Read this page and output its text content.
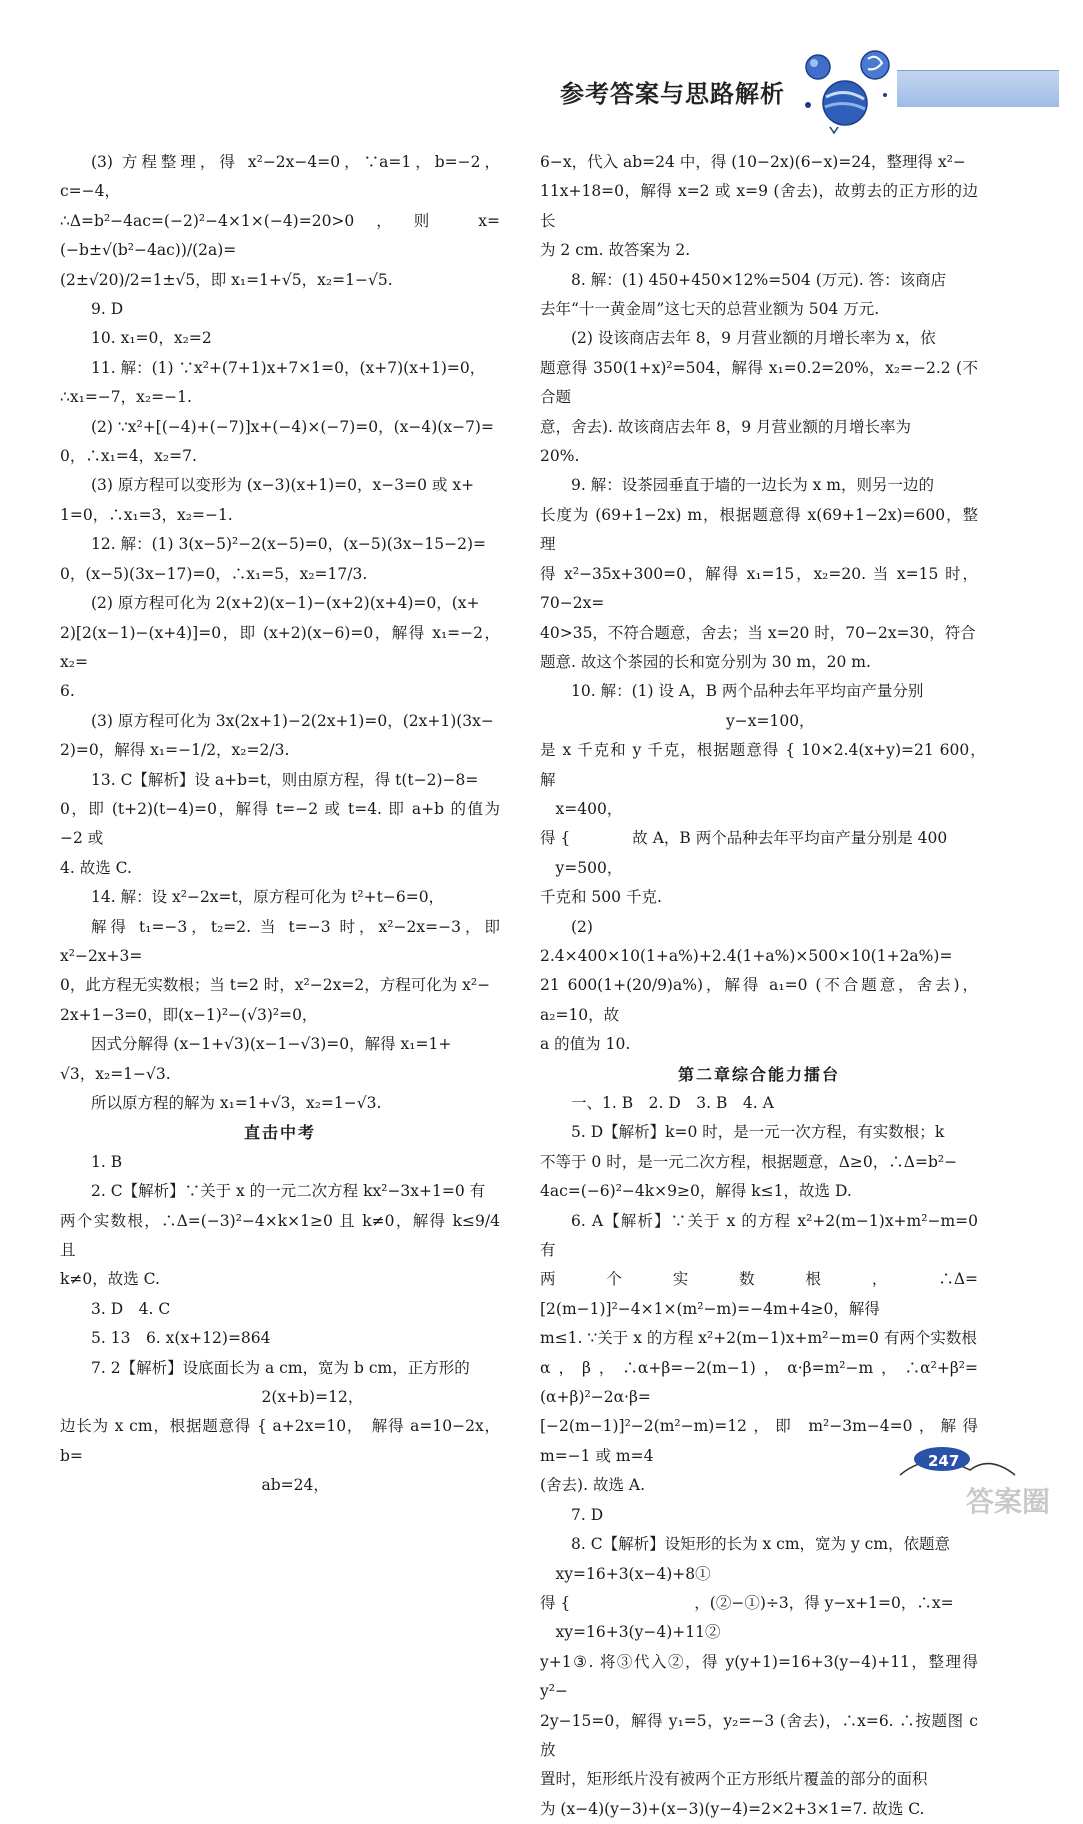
参考答案与思路解析

(3) 方程整理，得 x²−2x−4=0，∵a=1，b=−2，c=−4，

∴Δ=b²−4ac=(−2)²−4×1×(−4)=20>0，则 x=(−b±√(b²−4ac))/(2a)=

(2±√20)/2=1±√5，即 x₁=1+√5，x₂=1−√5.

9. D

10. x₁=0，x₂=2

11. 解：(1) ∵x²+(7+1)x+7×1=0，(x+7)(x+1)=0，

∴x₁=−7，x₂=−1.

(2) ∵x²+[(−4)+(−7)]x+(−4)×(−7)=0，(x−4)(x−7)=

0，∴x₁=4，x₂=7.

(3) 原方程可以变形为 (x−3)(x+1)=0，x−3=0 或 x+

1=0，∴x₁=3，x₂=−1.

12. 解：(1) 3(x−5)²−2(x−5)=0，(x−5)(3x−15−2)=

0，(x−5)(3x−17)=0，∴x₁=5，x₂=17/3.

(2) 原方程可化为 2(x+2)(x−1)−(x+2)(x+4)=0，(x+

2)[2(x−1)−(x+4)]=0，即 (x+2)(x−6)=0，解得 x₁=−2，x₂=

6.

(3) 原方程可化为 3x(2x+1)−2(2x+1)=0，(2x+1)(3x−

2)=0，解得 x₁=−1/2，x₂=2/3.

13. C【解析】设 a+b=t，则由原方程，得 t(t−2)−8=

0，即 (t+2)(t−4)=0，解得 t=−2 或 t=4. 即 a+b 的值为 −2 或

4. 故选 C.

14. 解：设 x²−2x=t，原方程可化为 t²+t−6=0，

解得 t₁=−3，t₂=2. 当 t=−3 时，x²−2x=−3，即 x²−2x+3=

0，此方程无实数根；当 t=2 时，x²−2x=2，方程可化为 x²−

2x+1−3=0，即(x−1)²−(√3)²=0，

因式分解得 (x−1+√3)(x−1−√3)=0，解得 x₁=1+

√3，x₂=1−√3.

所以原方程的解为 x₁=1+√3，x₂=1−√3.

直击中考

1. B

2. C【解析】∵关于 x 的一元二次方程 kx²−3x+1=0 有

两个实数根，∴Δ=(−3)²−4×k×1≥0 且 k≠0，解得 k≤9/4 且

k≠0，故选 C.

3. D　4. C

5. 13　6. x(x+12)=864

7. 2【解析】设底面长为 a cm，宽为 b cm，正方形的

　　　　　　　　　　　　　2(x+b)=12，

边长为 x cm，根据题意得 { a+2x=10，　解得 a=10−2x，b=

　　　　　　　　　　　　　ab=24，

6−x，代入 ab=24 中，得 (10−2x)(6−x)=24，整理得 x²−

11x+18=0，解得 x=2 或 x=9 (舍去)，故剪去的正方形的边长

为 2 cm. 故答案为 2.

8. 解：(1) 450+450×12%=504 (万元). 答：该商店

去年“十一黄金周”这七天的总营业额为 504 万元.

(2) 设该商店去年 8，9 月营业额的月增长率为 x，依

题意得 350(1+x)²=504，解得 x₁=0.2=20%，x₂=−2.2 (不合题

意，舍去). 故该商店去年 8，9 月营业额的月增长率为

20%.

9. 解：设茶园垂直于墙的一边长为 x m，则另一边的

长度为 (69+1−2x) m，根据题意得 x(69+1−2x)=600，整理

得 x²−35x+300=0，解得 x₁=15，x₂=20. 当 x=15 时，70−2x=

40>35，不符合题意，舍去；当 x=20 时，70−2x=30，符合

题意. 故这个茶园的长和宽分别为 30 m，20 m.

10. 解：(1) 设 A，B 两个品种去年平均亩产量分别

　　　　　　　　　　　　y−x=100，

是 x 千克和 y 千克，根据题意得 { 10×2.4(x+y)=21 600，　解

　x=400，

得 {　　　　故 A，B 两个品种去年平均亩产量分别是 400

　y=500，

千克和 500 千克.

(2) 2.4×400×10(1+a%)+2.4(1+a%)×500×10(1+2a%)=

21 600(1+(20/9)a%)，解得 a₁=0 (不合题意，舍去)，a₂=10，故

a 的值为 10.

第二章综合能力擂台

一、1. B　2. D　3. B　4. A

5. D【解析】k=0 时，是一元一次方程，有实数根；k

不等于 0 时，是一元二次方程，根据题意，Δ≥0，∴Δ=b²−

4ac=(−6)²−4k×9≥0，解得 k≤1，故选 D.

6. A【解析】∵关于 x 的方程 x²+2(m−1)x+m²−m=0 有

两个实数根，∴Δ=[2(m−1)]²−4×1×(m²−m)=−4m+4≥0，解得

m≤1. ∵关于 x 的方程 x²+2(m−1)x+m²−m=0 有两个实数根

α，β，∴α+β=−2(m−1)，α·β=m²−m，∴α²+β²=(α+β)²−2α·β=

[−2(m−1)]²−2(m²−m)=12，即 m²−3m−4=0，解得 m=−1 或 m=4

(舍去). 故选 A.

7. D

8. C【解析】设矩形的长为 x cm，宽为 y cm，依题意

　xy=16+3(x−4)+8①

得 {　　　　　　　　，(②−①)÷3，得 y−x+1=0，∴x=

　xy=16+3(y−4)+11②

y+1③. 将③代入②，得 y(y+1)=16+3(y−4)+11，整理得 y²−

2y−15=0，解得 y₁=5，y₂=−3 (舍去)，∴x=6. ∴按题图 c 放

置时，矩形纸片没有被两个正方形纸片覆盖的部分的面积

为 (x−4)(y−3)+(x−3)(y−4)=2×2+3×1=7. 故选 C.

247
答案圈
